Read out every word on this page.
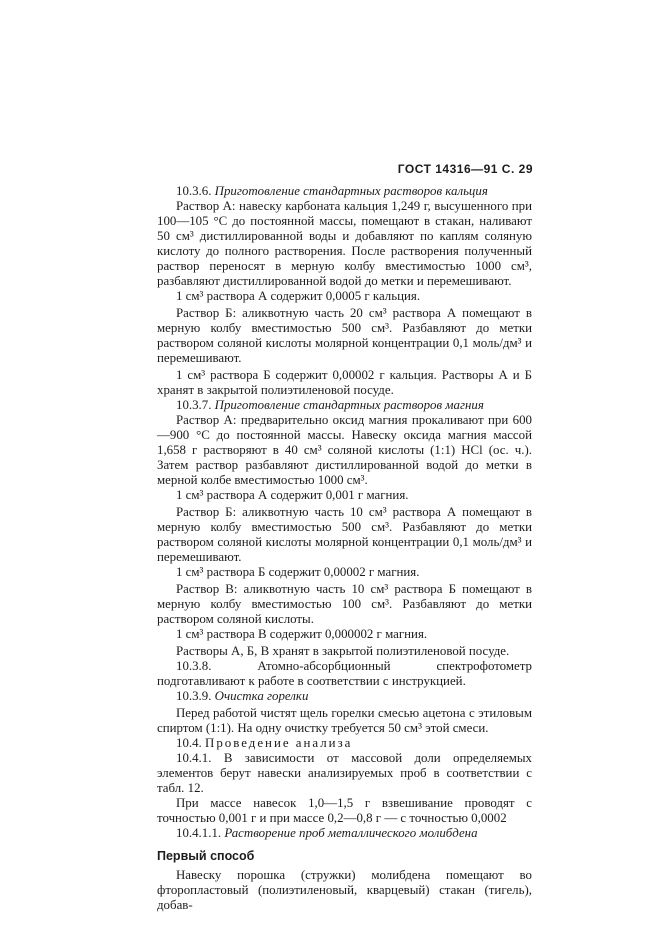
ГОСТ 14316—91 С. 29

10.3.6. Приготовление стандартных растворов кальция

Раствор А: навеску карбоната кальция 1,249 г, высушенного при 100—105 °С до постоянной массы, помещают в стакан, наливают 50 см³ дистиллированной воды и добавляют по каплям соляную кислоту до полного растворения. После растворения полученный раствор переносят в мерную колбу вместимостью 1000 см³, разбавляют дистиллированной водой до метки и перемешивают.

1 см³ раствора А содержит 0,0005 г кальция.

Раствор Б: аликвотную часть 20 см³ раствора А помещают в мерную колбу вместимостью 500 см³. Разбавляют до метки раствором соляной кислоты молярной концентрации 0,1 моль/дм³ и перемешивают.

1 см³ раствора Б содержит 0,00002 г кальция. Растворы А и Б хранят в закрытой полиэтиленовой посуде.

10.3.7. Приготовление стандартных растворов магния

Раствор А: предварительно оксид магния прокаливают при 600—900 °С до постоянной массы. Навеску оксида магния массой 1,658 г растворяют в 40 см³ соляной кислоты (1:1) HCl (ос. ч.). Затем раствор разбавляют дистиллированной водой до метки в мерной колбе вместимостью 1000 см³.

1 см³ раствора А содержит 0,001 г магния.

Раствор Б: аликвотную часть 10 см³ раствора А помещают в мерную колбу вместимостью 500 см³. Разбавляют до метки раствором соляной кислоты молярной концентрации 0,1 моль/дм³ и перемешивают.

1 см³ раствора Б содержит 0,00002 г магния.

Раствор В: аликвотную часть 10 см³ раствора Б помещают в мерную колбу вместимостью 100 см³. Разбавляют до метки раствором соляной кислоты.

1 см³ раствора В содержит 0,000002 г магния.

Растворы А, Б, В хранят в закрытой полиэтиленовой посуде.

10.3.8. Атомно-абсорбционный спектрофотометр подготавливают к работе в соответствии с инструкцией.

10.3.9. Очистка горелки

Перед работой чистят щель горелки смесью ацетона с этиловым спиртом (1:1). На одну очистку требуется 50 см³ этой смеси.

10.4. Проведение анализа

10.4.1. В зависимости от массовой доли определяемых элементов берут навески анализируемых проб в соответствии с табл. 12.

При массе навесок 1,0—1,5 г взвешивание проводят с точностью 0,001 г и при массе 0,2—0,8 г — с точностью 0,0002

10.4.1.1. Растворение проб металлического молибдена

Первый способ

Навеску порошка (стружки) молибдена помещают во фторопластовый (полиэтиленовый, кварцевый) стакан (тигель), добав-
